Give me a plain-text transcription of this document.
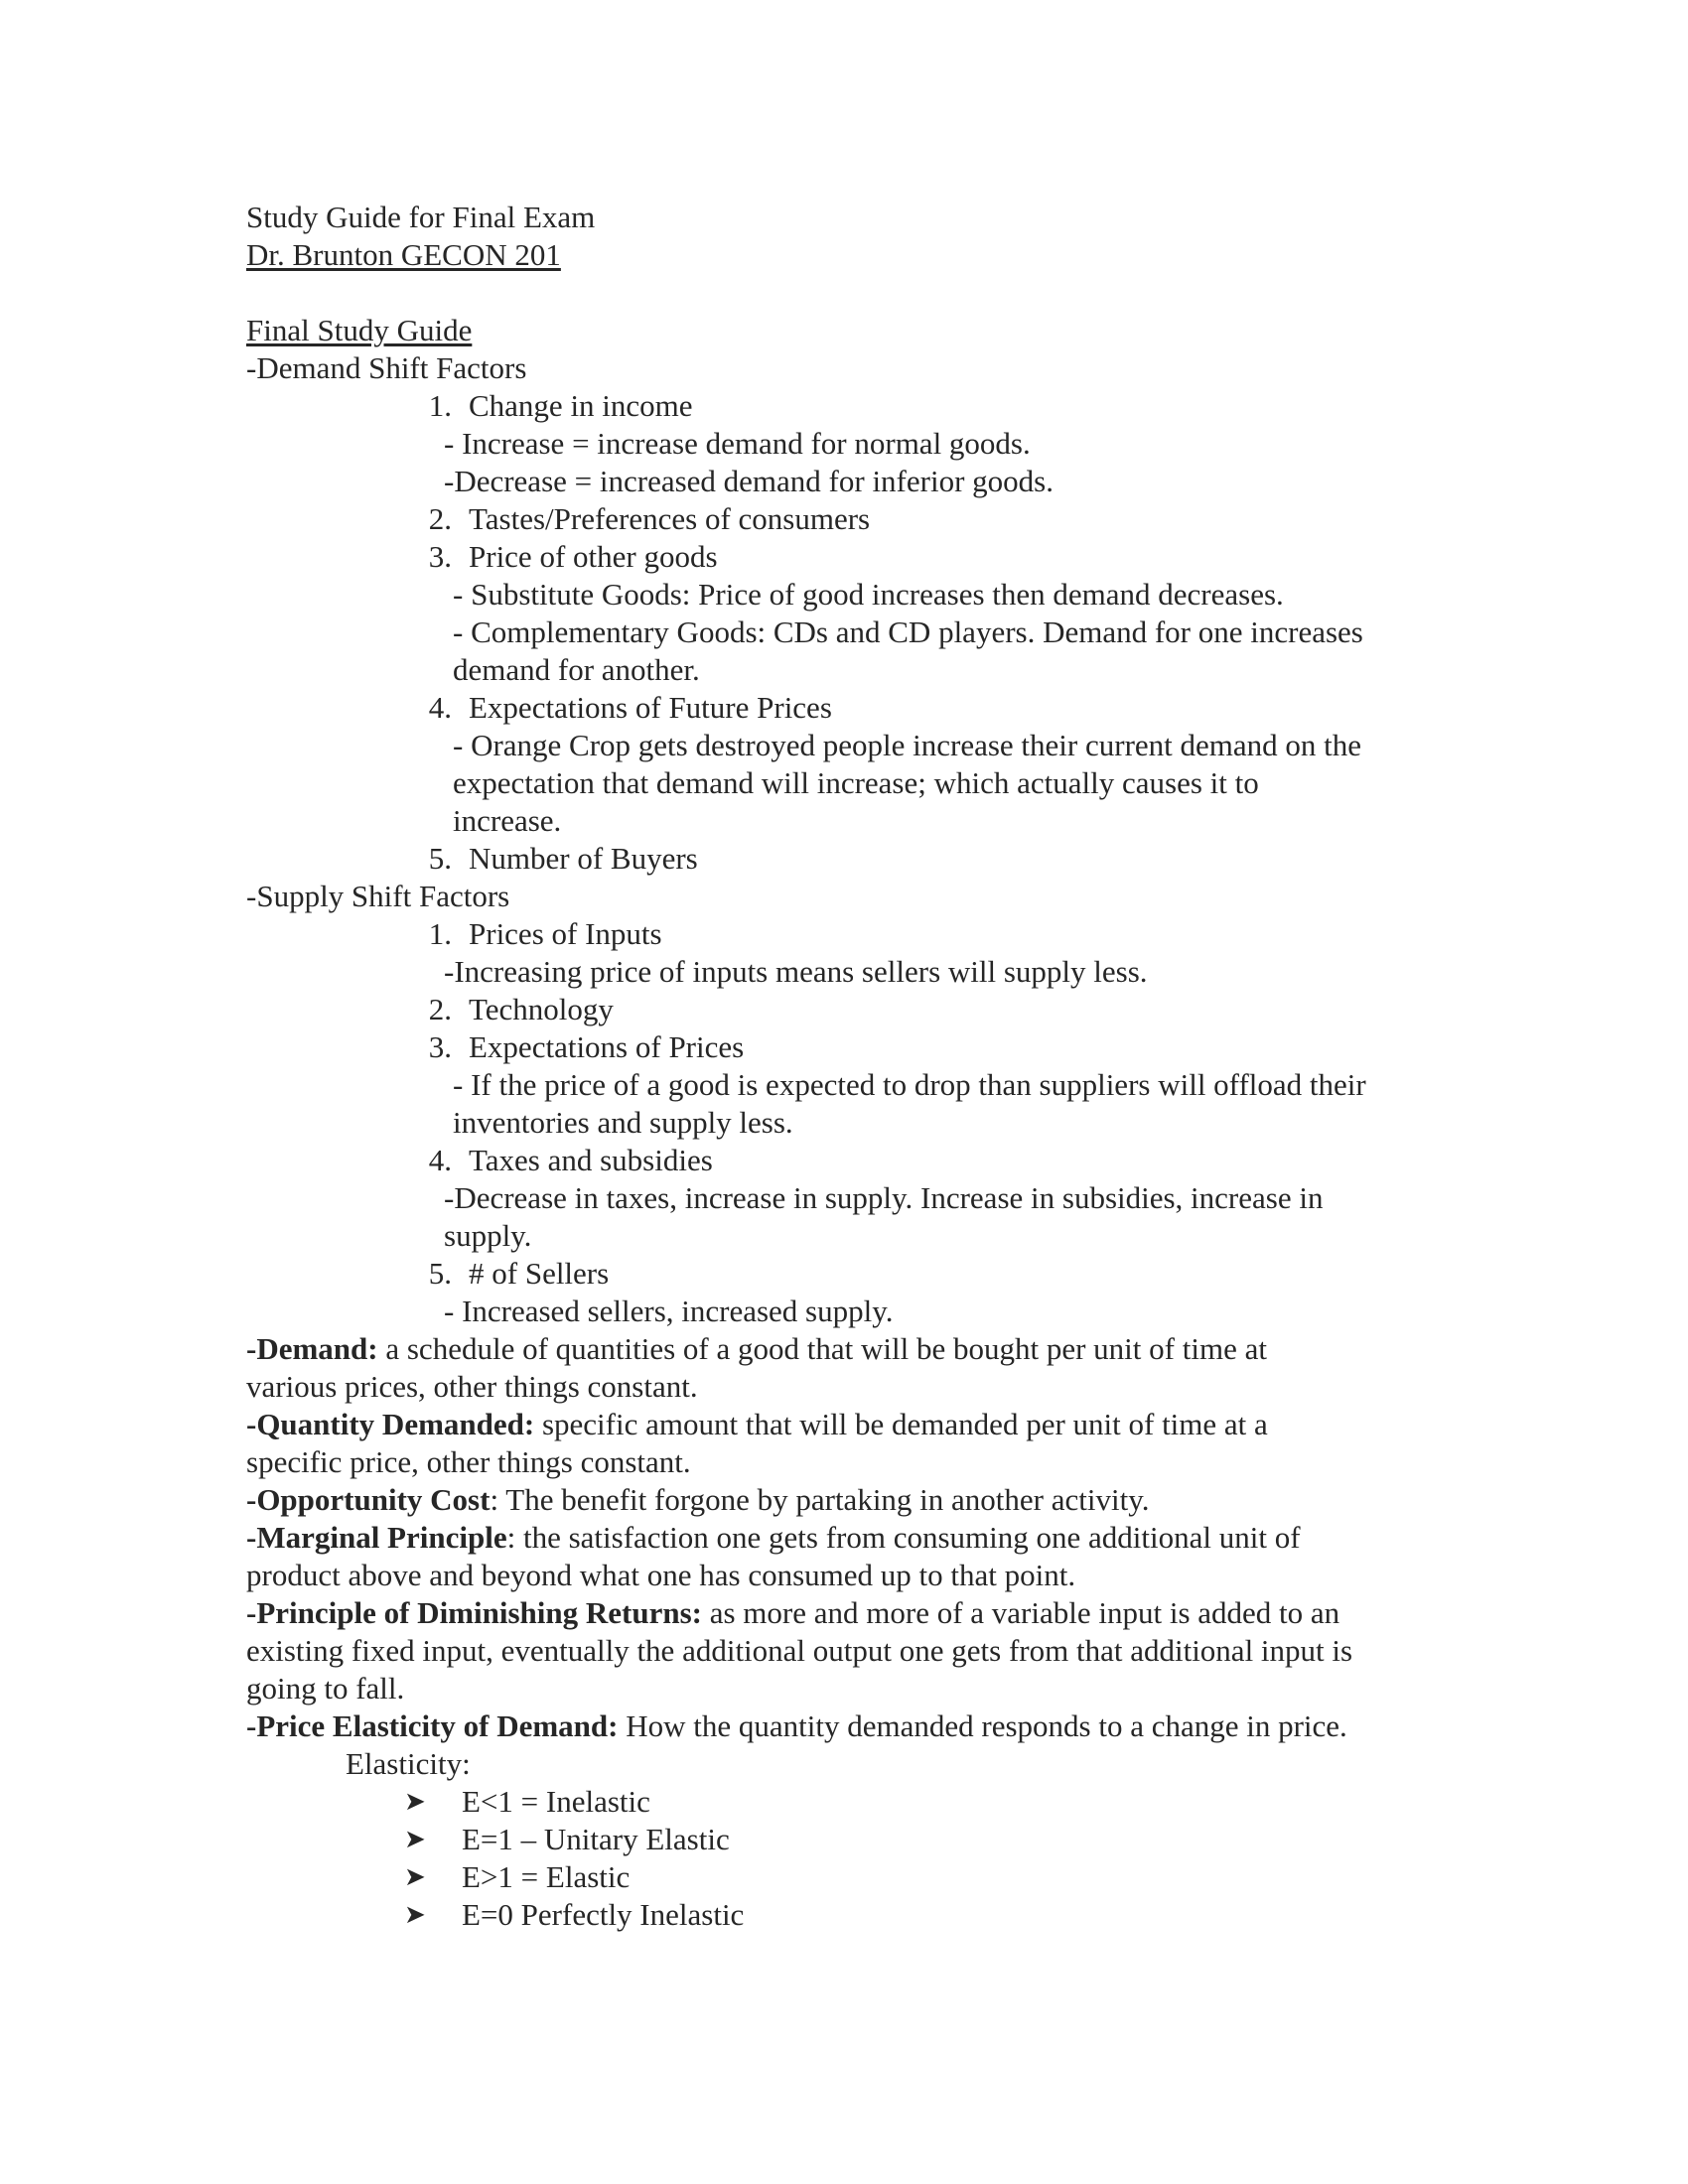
Study Guide for Final Exam
Dr. Brunton GECON 201
Final Study Guide
-Demand Shift Factors
1. Change in income
- Increase = increase demand for normal goods.
-Decrease = increased demand for inferior goods.
2. Tastes/Preferences of consumers
3. Price of other goods
- Substitute Goods: Price of good increases then demand decreases.
- Complementary Goods: CDs and CD players. Demand for one increases
demand for another.
4. Expectations of Future Prices
- Orange Crop gets destroyed people increase their current demand on the
expectation that demand will increase; which actually causes it to
increase.
5. Number of Buyers
-Supply Shift Factors
1. Prices of Inputs
-Increasing price of inputs means sellers will supply less.
2. Technology
3. Expectations of Prices
- If the price of a good is expected to drop than suppliers will offload their
inventories and supply less.
4. Taxes and subsidies
-Decrease in taxes, increase in supply. Increase in subsidies, increase in
supply.
5. # of Sellers
- Increased sellers, increased supply.
-Demand: a schedule of quantities of a good that will be bought per unit of time at
various prices, other things constant.
-Quantity Demanded: specific amount that will be demanded per unit of time at a
specific price, other things constant.
-Opportunity Cost: The benefit forgone by partaking in another activity.
-Marginal Principle: the satisfaction one gets from consuming one additional unit of
product above and beyond what one has consumed up to that point.
-Principle of Diminishing Returns: as more and more of a variable input is added to an
existing fixed input, eventually the additional output one gets from that additional input is
going to fall.
-Price Elasticity of Demand: How the quantity demanded responds to a change in price.
Elasticity:
➤	E<1 = Inelastic
➤	E=1 – Unitary Elastic
➤	E>1 = Elastic
➤	E=0 Perfectly Inelastic
